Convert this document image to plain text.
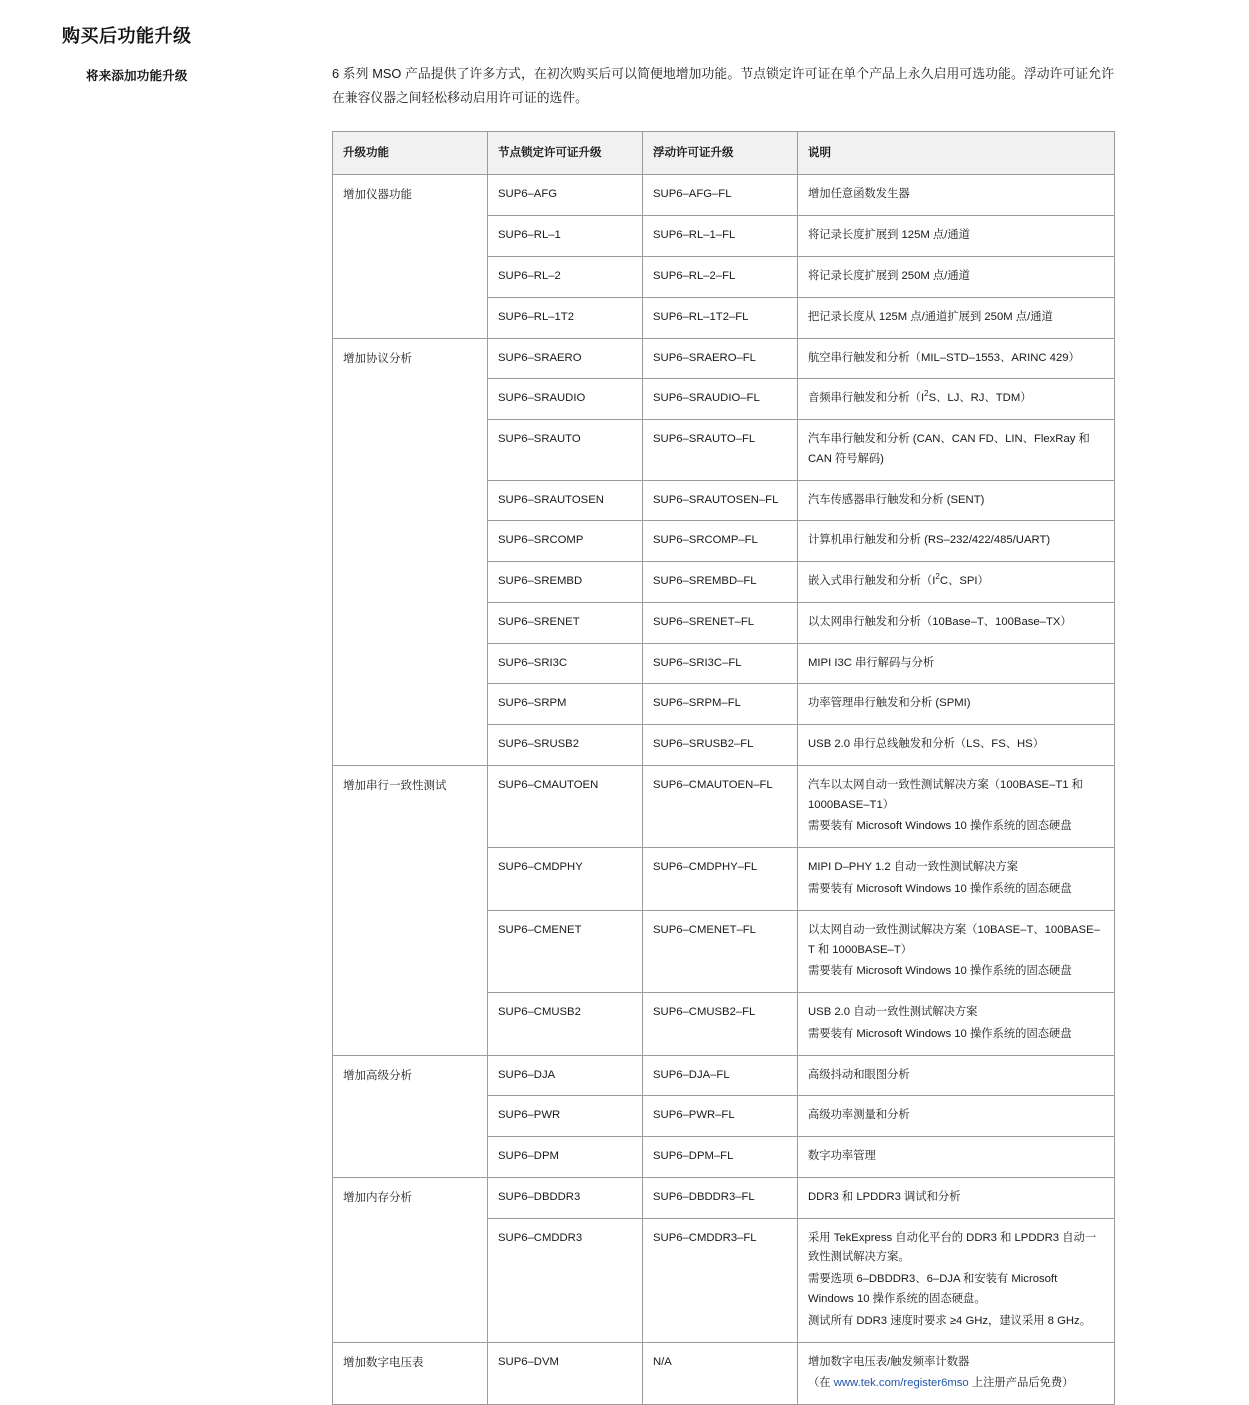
购买后功能升级
将来添加功能升级	6 系列 MSO 产品提供了许多方式，在初次购买后可以简便地增加功能。节点锁定许可证在单个产品上永久启用可选功能。浮动许可证允许在兼容仪器之间轻松移动启用许可证的选件。

升级功能	节点锁定许可证升级	浮动许可证升级	说明
增加仪器功能	SUP6–AFG	SUP6–AFG–FL	增加任意函数发生器

	SUP6–RL–1	SUP6–RL–1–FL	将记录长度扩展到 125M 点/通道

	SUP6–RL–2	SUP6–RL–2–FL	将记录长度扩展到 250M 点/通道

	SUP6–RL–1T2	SUP6–RL–1T2–FL	把记录长度从 125M 点/通道扩展到 250M 点/通道

增加协议分析	SUP6–SRAERO	SUP6–SRAERO–FL	航空串行触发和分析（MIL–STD–1553、ARINC 429）

	SUP6–SRAUDIO	SUP6–SRAUDIO–FL	音频串行触发和分析（$I^2S$、LJ、RJ、TDM）

	SUP6–SRAUTO	SUP6–SRAUTO–FL	汽车串行触发和分析 (CAN、CAN FD、LIN、FlexRay 和 CAN 符号解码)

	SUP6–SRAUTOSEN	SUP6–SRAUTOSEN–FL	汽车传感器串行触发和分析 (SENT)

	SUP6–SRCOMP	SUP6–SRCOMP–FL	计算机串行触发和分析 (RS–232/422/485/UART)

	SUP6–SREMBD	SUP6–SREMBD–FL	嵌入式串行触发和分析（$I^2C$、SPI）

	SUP6–SRENET	SUP6–SRENET–FL	以太网串行触发和分析（10Base–T、100Base–TX）

	SUP6–SRI3C	SUP6–SRI3C–FL	MIPI I3C 串行解码与分析

	SUP6–SRPM	SUP6–SRPM–FL	功率管理串行触发和分析 (SPMI)

	SUP6–SRUSB2	SUP6–SRUSB2–FL	USB 2.0 串行总线触发和分析（LS、FS、HS）

增加串行一致性测试	SUP6–CMAUTOEN	SUP6–CMAUTOEN–FL	汽车以太网自动一致性测试解决方案（100BASE–T1 和 1000BASE–T1）
需要装有 Microsoft Windows 10 操作系统的固态硬盘

	SUP6–CMDPHY	SUP6–CMDPHY–FL	MIPI D–PHY 1.2 自动一致性测试解决方案
需要装有 Microsoft Windows 10 操作系统的固态硬盘

	SUP6–CMENET	SUP6–CMENET–FL	以太网自动一致性测试解决方案（10BASE–T、100BASE–T 和 1000BASE–T）
需要装有 Microsoft Windows 10 操作系统的固态硬盘

	SUP6–CMUSB2	SUP6–CMUSB2–FL	USB 2.0 自动一致性测试解决方案
需要装有 Microsoft Windows 10 操作系统的固态硬盘

增加高级分析	SUP6–DJA	SUP6–DJA–FL	高级抖动和眼图分析

	SUP6–PWR	SUP6–PWR–FL	高级功率测量和分析

	SUP6–DPM	SUP6–DPM–FL	数字功率管理

增加内存分析	SUP6–DBDDR3	SUP6–DBDDR3–FL	DDR3 和 LPDDR3 调试和分析

	SUP6–CMDDR3	SUP6–CMDDR3–FL	采用 TekExpress 自动化平台的 DDR3 和 LPDDR3 自动一致性测试解决方案。
需要选项 6–DBDDR3、6–DJA 和安装有 Microsoft Windows 10 操作系统的固态硬盘。
测试所有 DDR3 速度时要求 ≥4 GHz，建议采用 8 GHz。

增加数字电压表	SUP6–DVM	N/A	增加数字电压表/触发频率计数器
（在 www.tek.com/register6mso 上注册产品后免费）
